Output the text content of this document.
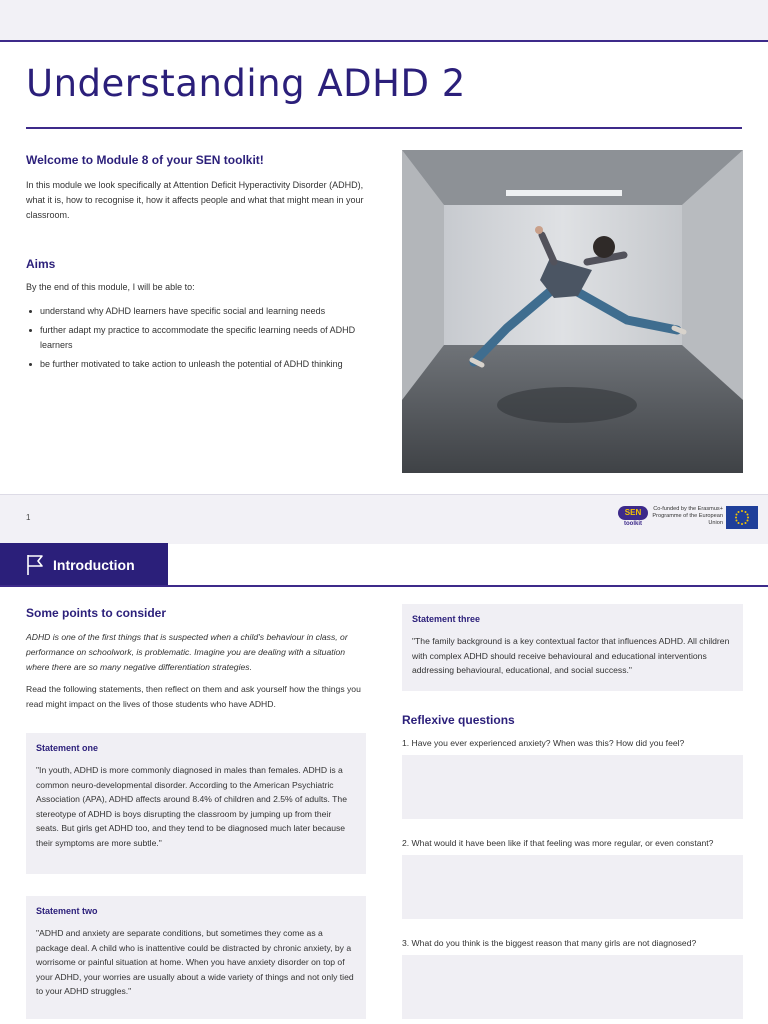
Understanding ADHD 2
Welcome to Module 8 of your SEN toolkit!

In this module we look specifically at Attention Deficit Hyperactivity Disorder (ADHD), what it is, how to recognise it, how it affects people and what that might mean in your classroom.

Aims

By the end of this module, I will be able to:

understand why ADHD learners have specific social and learning needs
further adapt my practice to accommodate the specific learning needs of ADHD learners
be further motivated to take action to unleash the potential of ADHD thinking
1
SEN
toolkit
Co-funded by the Erasmus+ Programme of the European Union
Introduction
Some points to consider

ADHD is one of the first things that is suspected when a child's behaviour in class, or performance on schoolwork, is problematic. Imagine you are dealing with a situation where there are so many negative differentiation strategies.

Read the following statements, then reflect on them and ask yourself how the things you read might impact on the lives of those students who have ADHD.

Statement one
"In youth, ADHD is more commonly diagnosed in males than females. ADHD is a common neuro-developmental disorder. According to the American Psychiatric Association (APA), ADHD affects around 8.4% of children and 2.5% of adults. The stereotype of ADHD is boys disrupting the classroom by jumping up from their seats. But girls get ADHD too, and they tend to be diagnosed much later because their symptoms are more subtle."
Statement two
"ADHD and anxiety are separate conditions, but sometimes they come as a package deal. A child who is inattentive could be distracted by chronic anxiety, by a worrisome or painful situation at home. When you have anxiety disorder on top of your ADHD, your worries are usually about a wide variety of things and not only tied to your ADHD struggles."
Statement three
"The family background is a key contextual factor that influences ADHD. All children with complex ADHD should receive behavioural and educational interventions addressing behavioural, educational, and social success."
Reflexive questions

1. Have you ever experienced anxiety? When was this? How did you feel?

2. What would it have been like if that feeling was more regular, or even constant?

3. What do you think is the biggest reason that many girls are not diagnosed?
